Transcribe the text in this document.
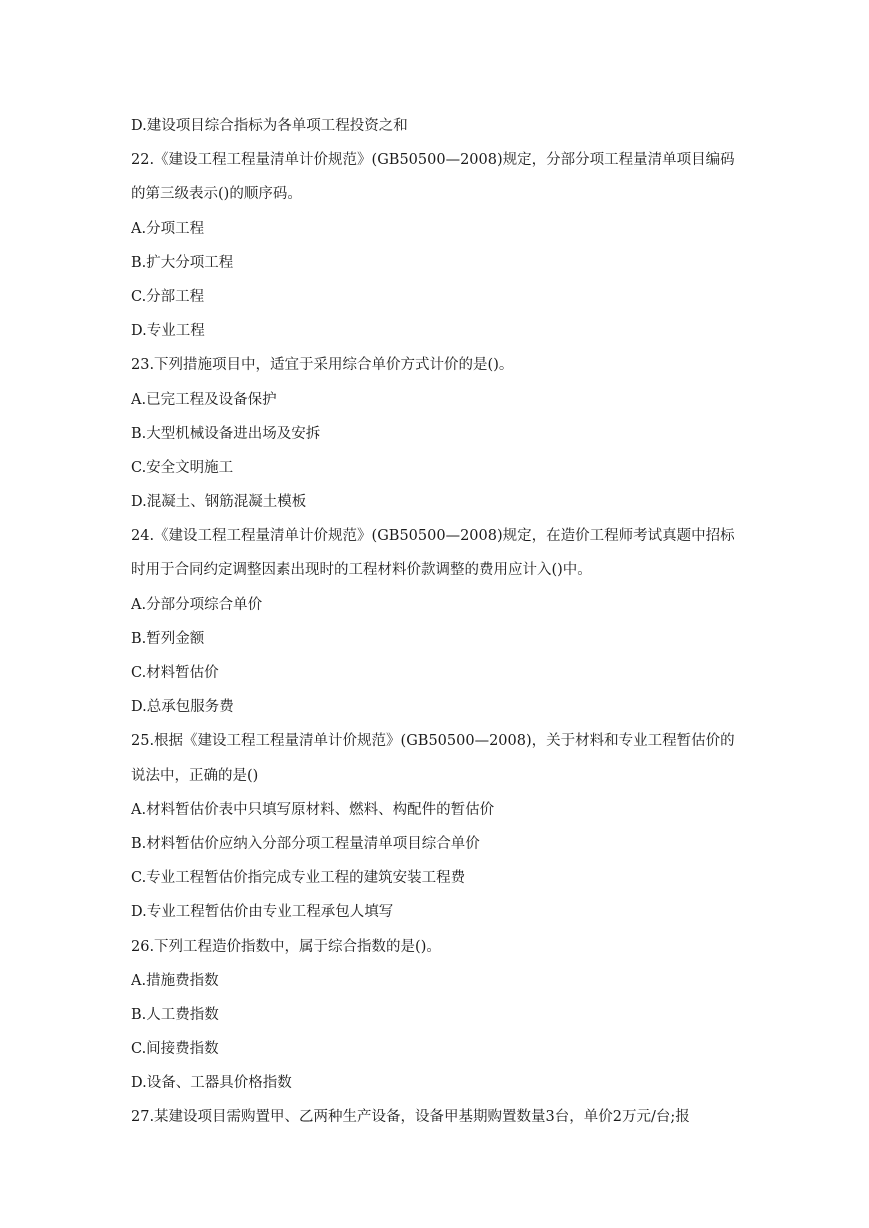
D.建设项目综合指标为各单项工程投资之和
22.《建设工程工程量清单计价规范》(GB50500—2008)规定，分部分项工程量清单项目编码
的第三级表示()的顺序码。
A.分项工程
B.扩大分项工程
C.分部工程
D.专业工程
23.下列措施项目中，适宜于采用综合单价方式计价的是()。
A.已完工程及设备保护
B.大型机械设备进出场及安拆
C.安全文明施工
D.混凝土、钢筋混凝土模板
24.《建设工程工程量清单计价规范》(GB50500—2008)规定，在造价工程师考试真题中招标
时用于合同约定调整因素出现时的工程材料价款调整的费用应计入()中。
A.分部分项综合单价
B.暂列金额
C.材料暂估价
D.总承包服务费
25.根据《建设工程工程量清单计价规范》(GB50500—2008)，关于材料和专业工程暂估价的
说法中，正确的是()
A.材料暂估价表中只填写原材料、燃料、构配件的暂估价
B.材料暂估价应纳入分部分项工程量清单项目综合单价
C.专业工程暂估价指完成专业工程的建筑安装工程费
D.专业工程暂估价由专业工程承包人填写
26.下列工程造价指数中，属于综合指数的是()。
A.措施费指数
B.人工费指数
C.间接费指数
D.设备、工器具价格指数
27.某建设项目需购置甲、乙两种生产设备，设备甲基期购置数量3台，单价2万元/台;报
